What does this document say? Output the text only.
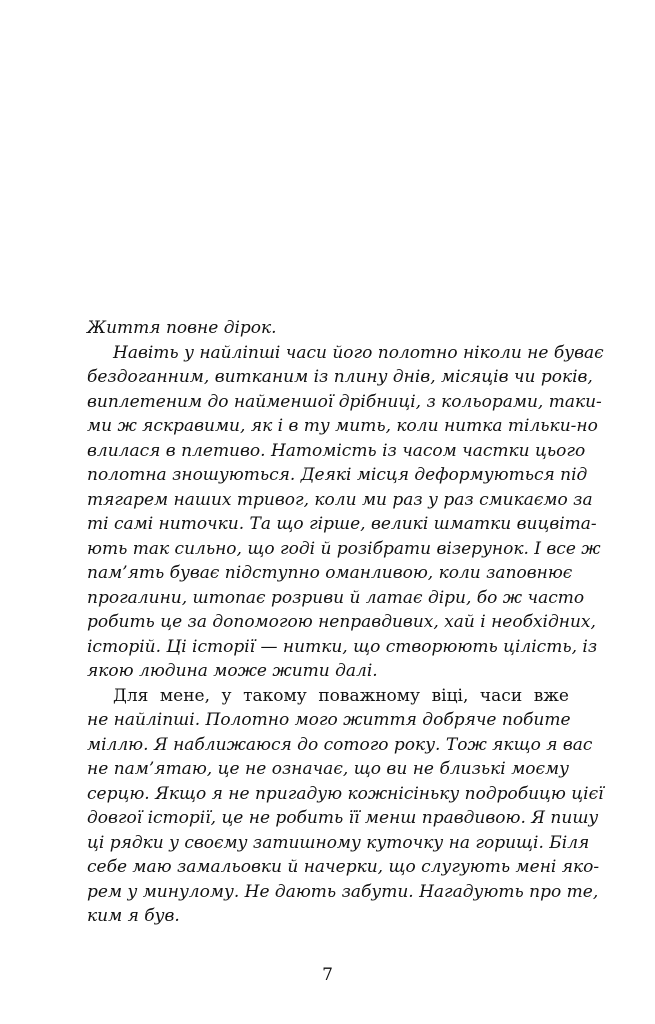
Життя повне дірок.
Навіть у найліпші часи його полотно ніколи не буває
бездоганним, витканим із плину днів, місяців чи років,
виплетеним до найменшої дрібниці, з кольорами, таки-
ми ж яскравими, як і в ту мить, коли нитка тільки-но
влилася в плетиво. Натомість із часом частки цього
полотна зношуються. Деякі місця деформуються під
тягарем наших тривог, коли ми раз у раз смикаємо за
ті самі ниточки. Та що гірше, великі шматки вицвіта-
ють так сильно, що годі й розібрати візерунок. І все ж
пам’ять буває підступно оманливою, коли заповнює
прогалини, штопає розриви й латає діри, бо ж часто
робить це за допомогою неправдивих, хай і необхідних,
історій. Ці історії — нитки, що створюють цілість, із
якою людина може жити далі.
Для мене, у такому поважному віці, часи вже
не найліпші. Полотно мого життя добряче побите
міллю. Я наближаюся до сотого року. Тож якщо я вас
не пам’ятаю, це не означає, що ви не близькі моєму
серцю. Якщо я не пригадую кожнісіньку подробицю цієї
довгої історії, це не робить її менш правдивою. Я пишу
ці рядки у своєму затишному куточку на горищі. Біля
себе маю замальовки й начерки, що слугують мені яко-
рем у минулому. Не дають забути. Нагадують про те,
ким я був.
7
